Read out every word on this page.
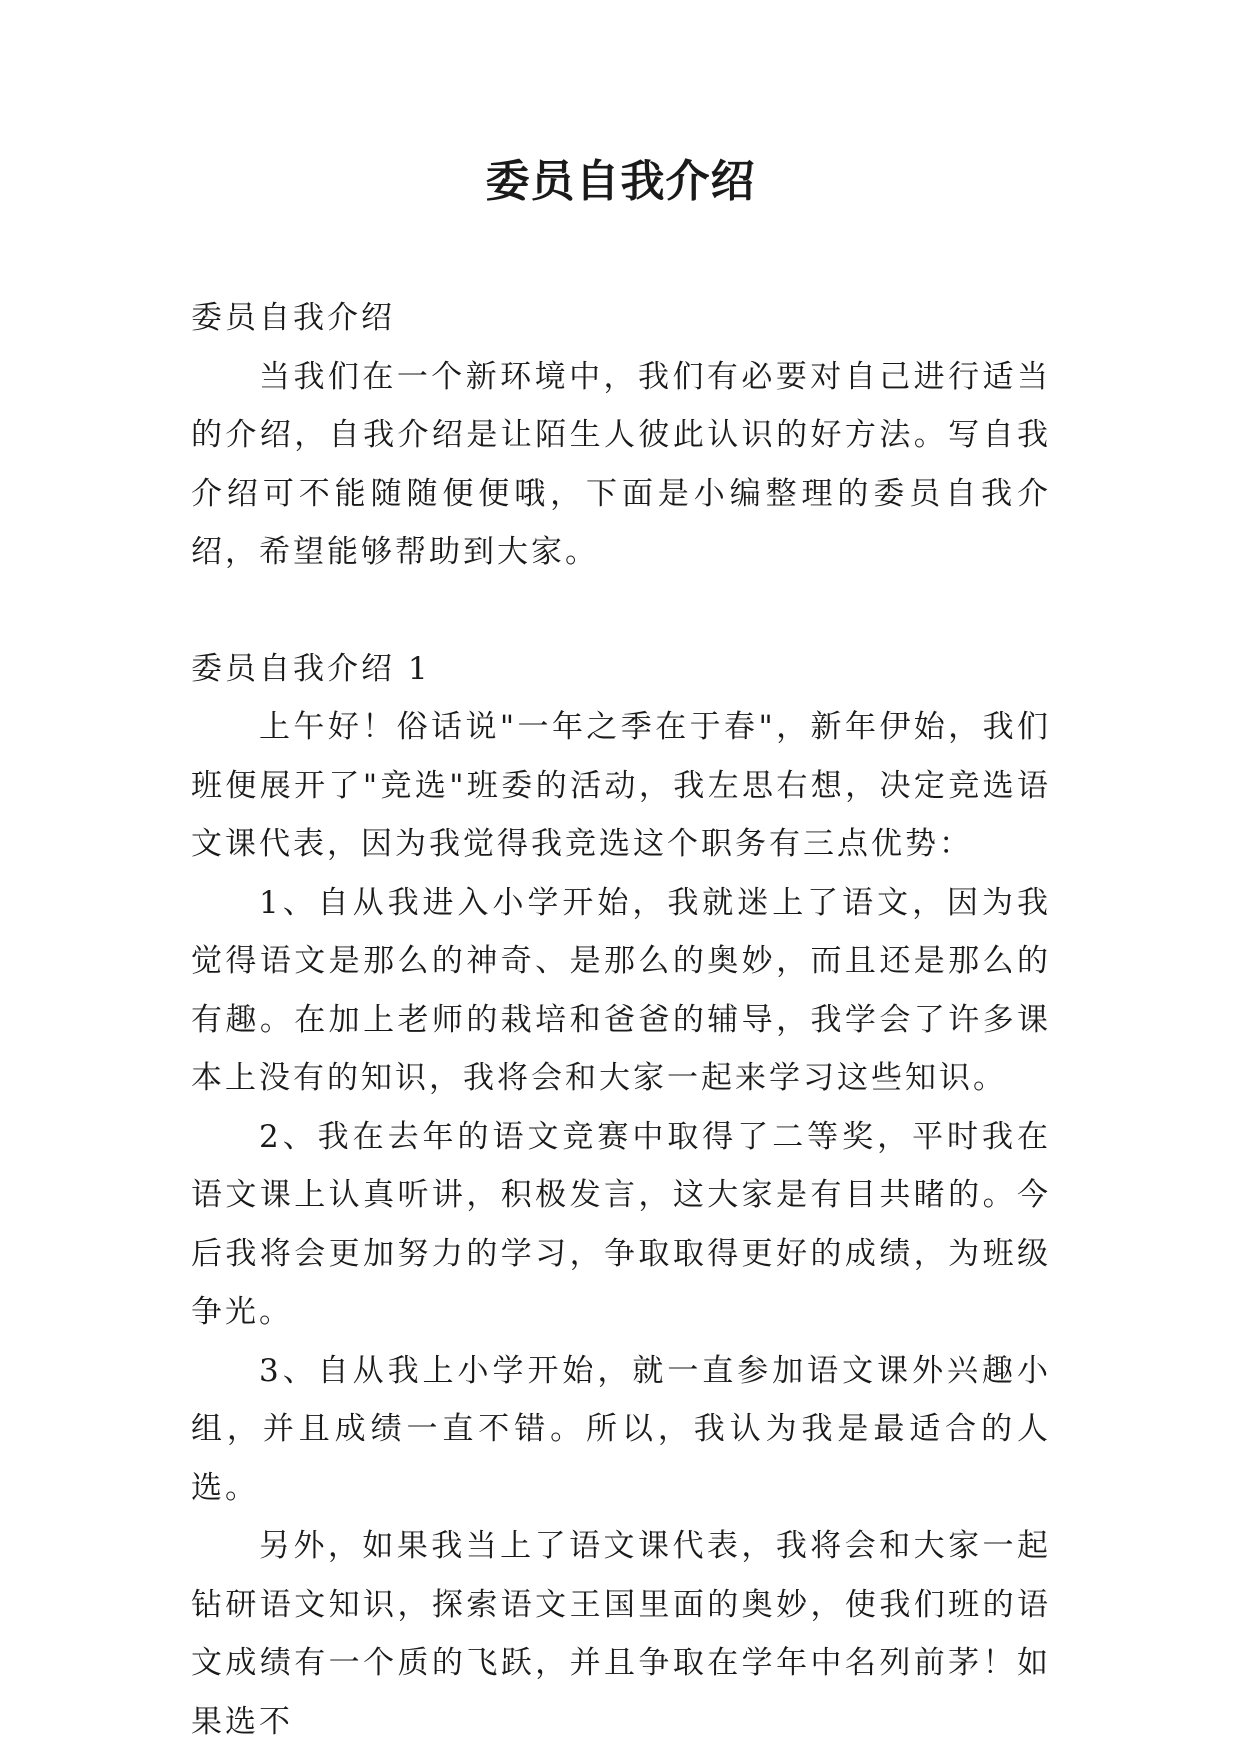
委员自我介绍

委员自我介绍

当我们在一个新环境中，我们有必要对自己进行适当的介绍，自我介绍是让陌生人彼此认识的好方法。写自我介绍可不能随随便便哦，下面是小编整理的委员自我介绍，希望能够帮助到大家。

委员自我介绍 1

上午好！俗话说"一年之季在于春"，新年伊始，我们班便展开了"竞选"班委的活动，我左思右想，决定竞选语文课代表，因为我觉得我竞选这个职务有三点优势：

1、自从我进入小学开始，我就迷上了语文，因为我觉得语文是那么的神奇、是那么的奥妙，而且还是那么的有趣。在加上老师的栽培和爸爸的辅导，我学会了许多课本上没有的知识，我将会和大家一起来学习这些知识。

2、我在去年的语文竞赛中取得了二等奖，平时我在语文课上认真听讲，积极发言，这大家是有目共睹的。今后我将会更加努力的学习，争取取得更好的成绩，为班级争光。

3、自从我上小学开始，就一直参加语文课外兴趣小组，并且成绩一直不错。所以，我认为我是最适合的人选。

另外，如果我当上了语文课代表，我将会和大家一起钻研语文知识，探索语文王国里面的奥妙，使我们班的语文成绩有一个质的飞跃，并且争取在学年中名列前茅！如果选不
